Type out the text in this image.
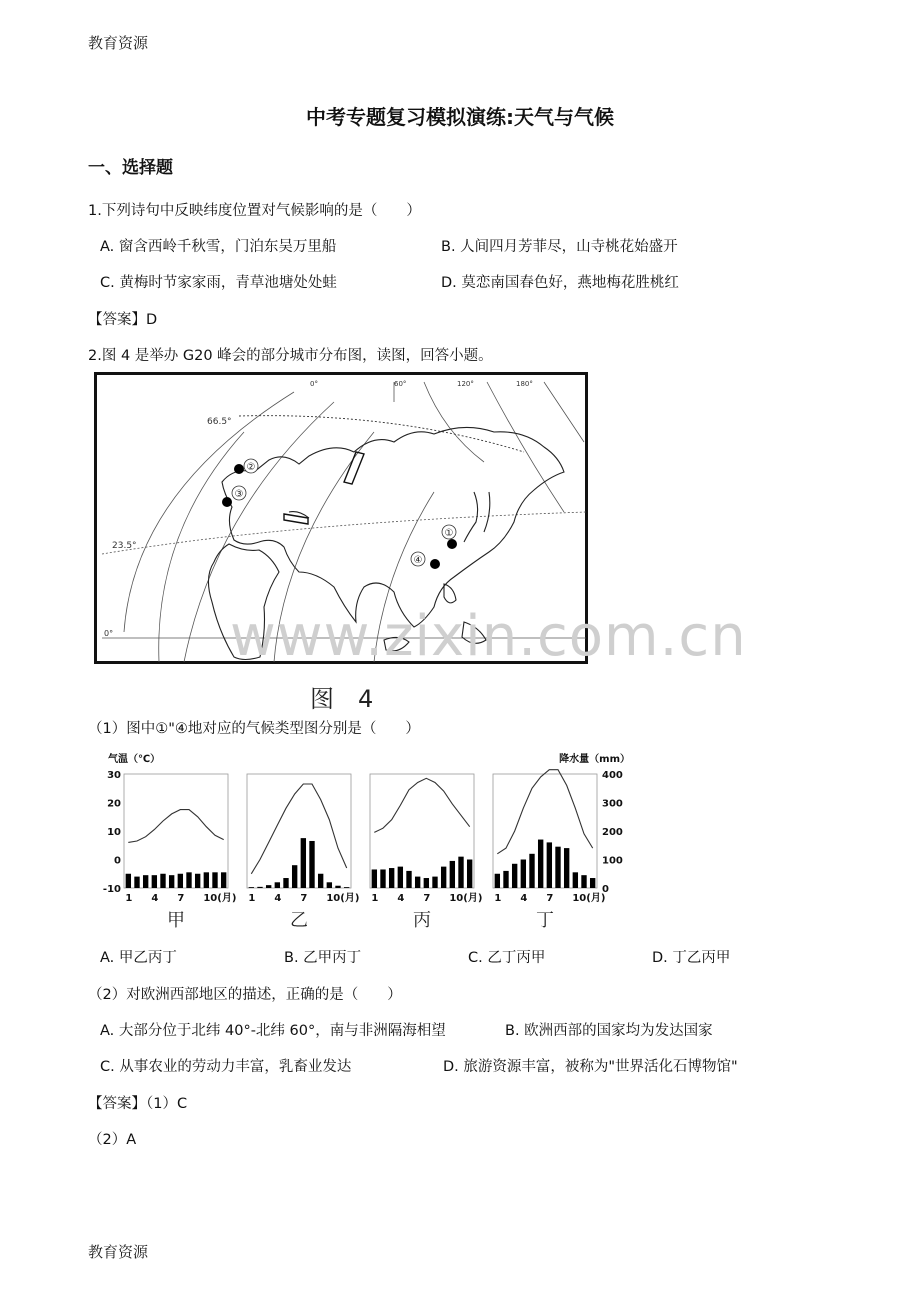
教育资源
中考专题复习模拟演练:天气与气候
一、选择题
1.下列诗句中反映纬度位置对气候影响的是（　　）
A. 窗含西岭千秋雪，门泊东吴万里船	B. 人间四月芳菲尽，山寺桃花始盛开
C. 黄梅时节家家雨，青草池塘处处蛙	D. 莫恋南国春色好，燕地梅花胜桃红
【答案】D
2.图 4 是举办 G20 峰会的部分城市分布图，读图，回答小题。
66.5°
23.5°
0°
0°	60°	120°	180°
②
③
①
④
图　4
（1）图中①"④地对应的气候类型图分别是（　　）
气温（℃）	降水量（mm）
30
20
10
0
-10
400
300
200
100
0
1 4 7 10(月)
甲
1 4 7 10(月)
乙
1 4 7 10(月)
丙
1 4 7 10(月)
丁
A. 甲乙丙丁	B. 乙甲丙丁	C. 乙丁丙甲	D. 丁乙丙甲
（2）对欧洲西部地区的描述，正确的是（　　）
A. 大部分位于北纬 40°-北纬 60°，南与非洲隔海相望	B. 欧洲西部的国家均为发达国家
C. 从事农业的劳动力丰富，乳畜业发达	D. 旅游资源丰富，被称为"世界活化石博物馆"
【答案】（1）C
（2）A
www.zixin.com.cn
教育资源
